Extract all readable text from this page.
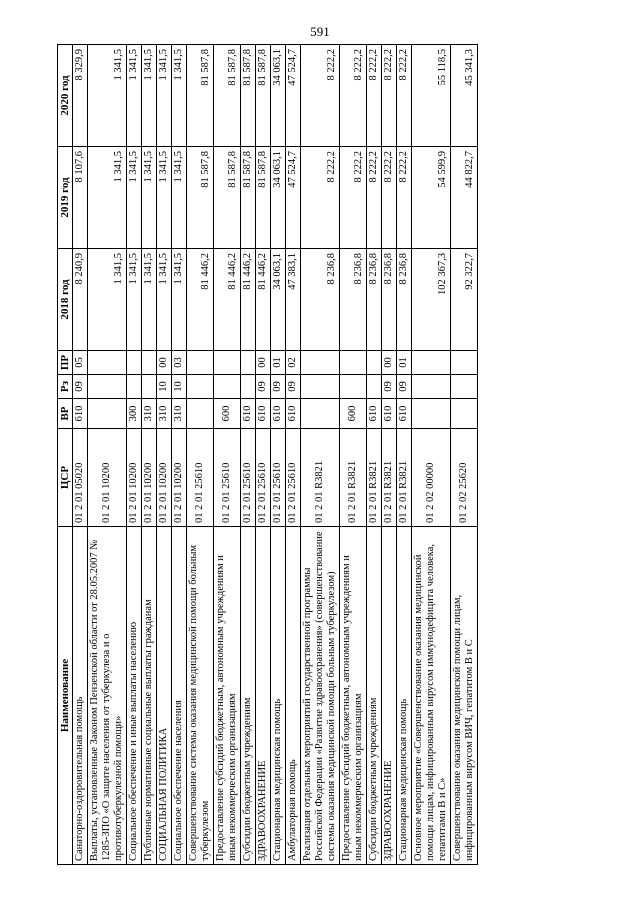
591
Наименование	ЦСР	ВР	Рз	ПР	2018 год	2019 год	2020 год
Санаторно-оздоровительная помощь	01 2 01 05020	610	09	05	8 240,9	8 107,6	8 329,9
Выплаты, установленные Законом Пензенской области от 28.05.2007 № 1285-ЗПО «О защите населения от туберкулеза и о противотуберкулезной помощи»	01 2 01 10200				1 341,5	1 341,5	1 341,5
Социальное обеспечение и иные выплаты населению	01 2 01 10200	300			1 341,5	1 341,5	1 341,5
Публичные нормативные социальные выплаты гражданам	01 2 01 10200	310			1 341,5	1 341,5	1 341,5
СОЦИАЛЬНАЯ ПОЛИТИКА	01 2 01 10200	310	10	00	1 341,5	1 341,5	1 341,5
Социальное обеспечение населения	01 2 01 10200	310	10	03	1 341,5	1 341,5	1 341,5
Совершенствование системы оказания медицинской помощи больным туберкулезом	01 2 01 25610				81 446,2	81 587,8	81 587,8
Предоставление субсидий бюджетным, автономным учреждениям и иным некоммерческим организациям	01 2 01 25610	600			81 446,2	81 587,8	81 587,8
Субсидии бюджетным учреждениям	01 2 01 25610	610			81 446,2	81 587,8	81 587,8
ЗДРАВООХРАНЕНИЕ	01 2 01 25610	610	09	00	81 446,2	81 587,8	81 587,8
Стационарная медицинская помощь	01 2 01 25610	610	09	01	34 063,1	34 063,1	34 063,1
Амбулаторная помощь	01 2 01 25610	610	09	02	47 383,1	47 524,7	47 524,7
Реализация отдельных мероприятий государственной программы Российской Федерации «Развитие здравоохранения» (совершенствование системы оказания медицинской помощи больным туберкулезом)	01 2 01 R3821				8 236,8	8 222,2	8 222,2
Предоставление субсидий бюджетным, автономным учреждениям и иным некоммерческим организациям	01 2 01 R3821	600			8 236,8	8 222,2	8 222,2
Субсидии бюджетным учреждениям	01 2 01 R3821	610			8 236,8	8 222,2	8 222,2
ЗДРАВООХРАНЕНИЕ	01 2 01 R3821	610	09	00	8 236,8	8 222,2	8 222,2
Стационарная медицинская помощь	01 2 01 R3821	610	09	01	8 236,8	8 222,2	8 222,2
Основное мероприятие «Совершенствование оказания медицинской помощи лицам, инфицированным вирусом иммунодефицита человека, гепатитами В и С»	01 2 02 00000				102 367,3	54 599,9	55 118,5
Совершенствование оказания медицинской помощи лицам, инфицированным вирусом ВИЧ, гепатитом В и С	01 2 02 25620				92 322,7	44 822,7	45 341,3
